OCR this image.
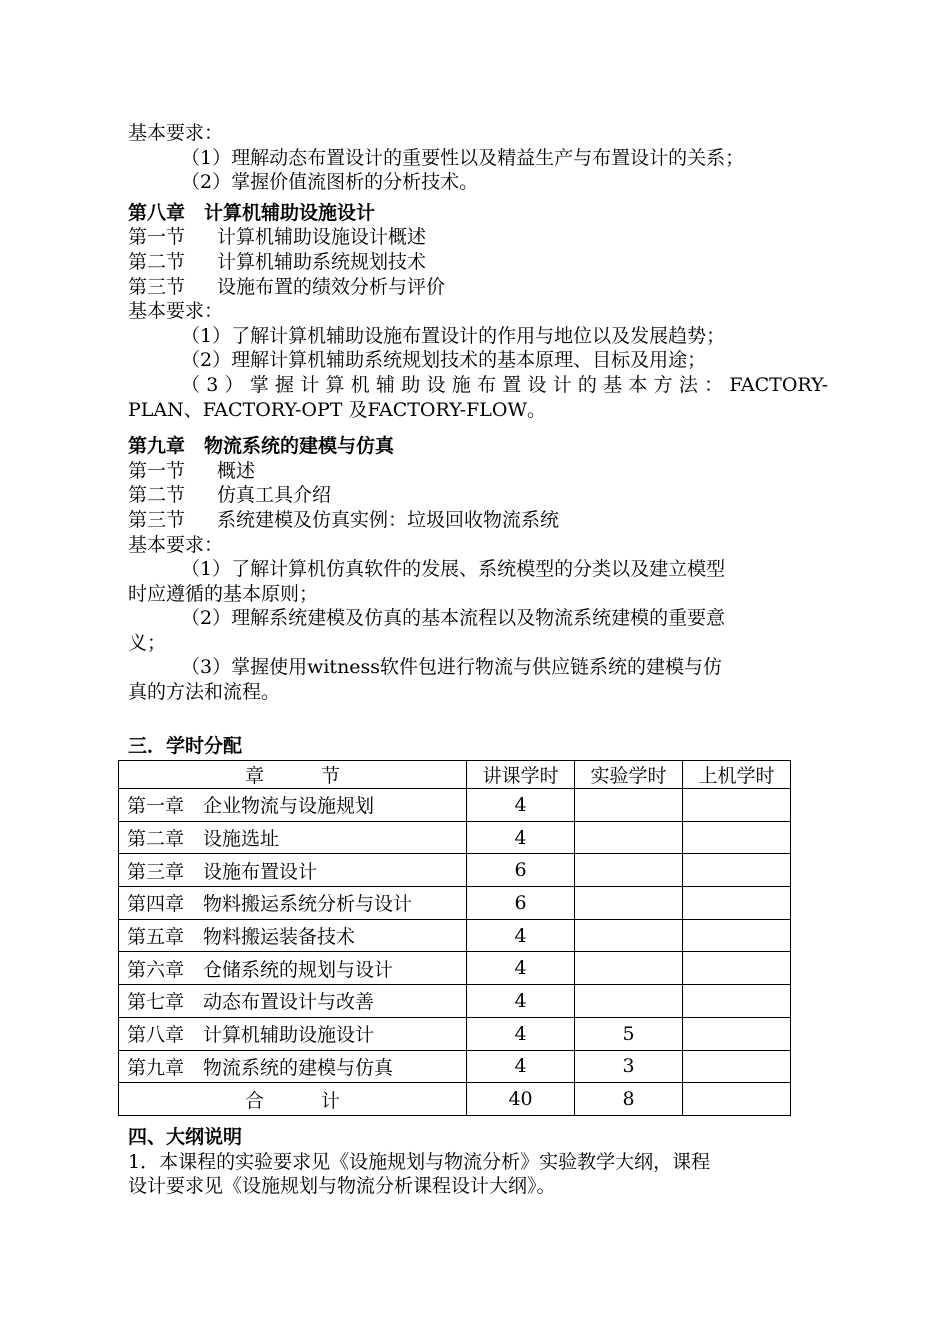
基本要求：
（1）理解动态布置设计的重要性以及精益生产与布置设计的关系；
（2）掌握价值流图析的分析技术。
第八章　计算机辅助设施设计
第一节 计算机辅助设施设计概述
第二节 计算机辅助系统规划技术
第三节 设施布置的绩效分析与评价
基本要求：
（1）了解计算机辅助设施布置设计的作用与地位以及发展趋势；
（2）理解计算机辅助系统规划技术的基本原理、目标及用途；
（3）掌握计算机辅助设施布置设计的基本方法：FACTORY-
PLAN、FACTORY-OPT 及FACTORY-FLOW。
第九章　物流系统的建模与仿真
第一节 概述
第二节 仿真工具介绍
第三节 系统建模及仿真实例：垃圾回收物流系统
基本要求：
（1）了解计算机仿真软件的发展、系统模型的分类以及建立模型
时应遵循的基本原则；
（2）理解系统建模及仿真的基本流程以及物流系统建模的重要意
义；
（3）掌握使用witness软件包进行物流与供应链系统的建模与仿
真的方法和流程。
三．学时分配
章　　　节	讲课学时	实验学时	上机学时
第一章　企业物流与设施规划	4		
第二章　设施选址	4		
第三章　设施布置设计	6		
第四章　物料搬运系统分析与设计	6		
第五章　物料搬运装备技术	4		
第六章　仓储系统的规划与设计	4		
第七章　动态布置设计与改善	4		
第八章　计算机辅助设施设计	4	5	
第九章　物流系统的建模与仿真	4	3	
合　　　计	40	8	
四、大纲说明
1．本课程的实验要求见《设施规划与物流分析》实验教学大纲，课程
设计要求见《设施规划与物流分析课程设计大纲》。
